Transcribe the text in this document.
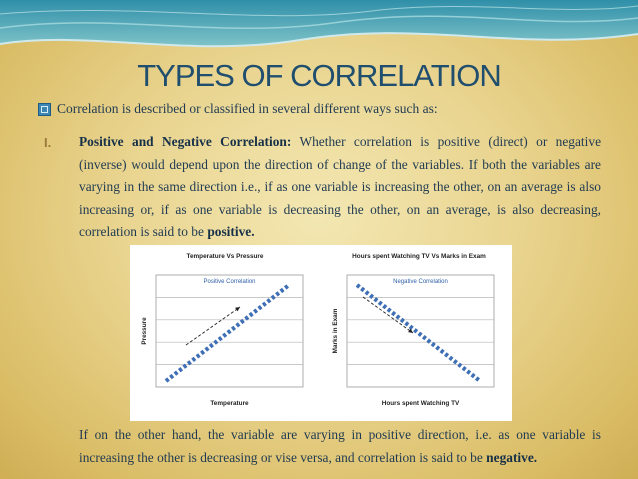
TYPES OF CORRELATION
Correlation is described or classified in several different ways such as:
I. Positive and Negative Correlation: Whether correlation is positive (direct) or negative (inverse) would depend upon the direction of change of the variables. If both the variables are varying in the same direction i.e., if as one variable is increasing the other, on an average is also increasing or, if as one variable is decreasing the other, on an average, is also decreasing, correlation is said to be positive.

Temperature Vs Pressure
Positive Correlation
Temperature
Pressure
Hours spent Watching TV Vs Marks in Exam
Negative Correlation
Hours spent Watching TV
Marks in Exam

If on the other hand, the variable are varying in positive direction, i.e. as one variable is increasing the other is decreasing or vise versa, and correlation is said to be negative.
